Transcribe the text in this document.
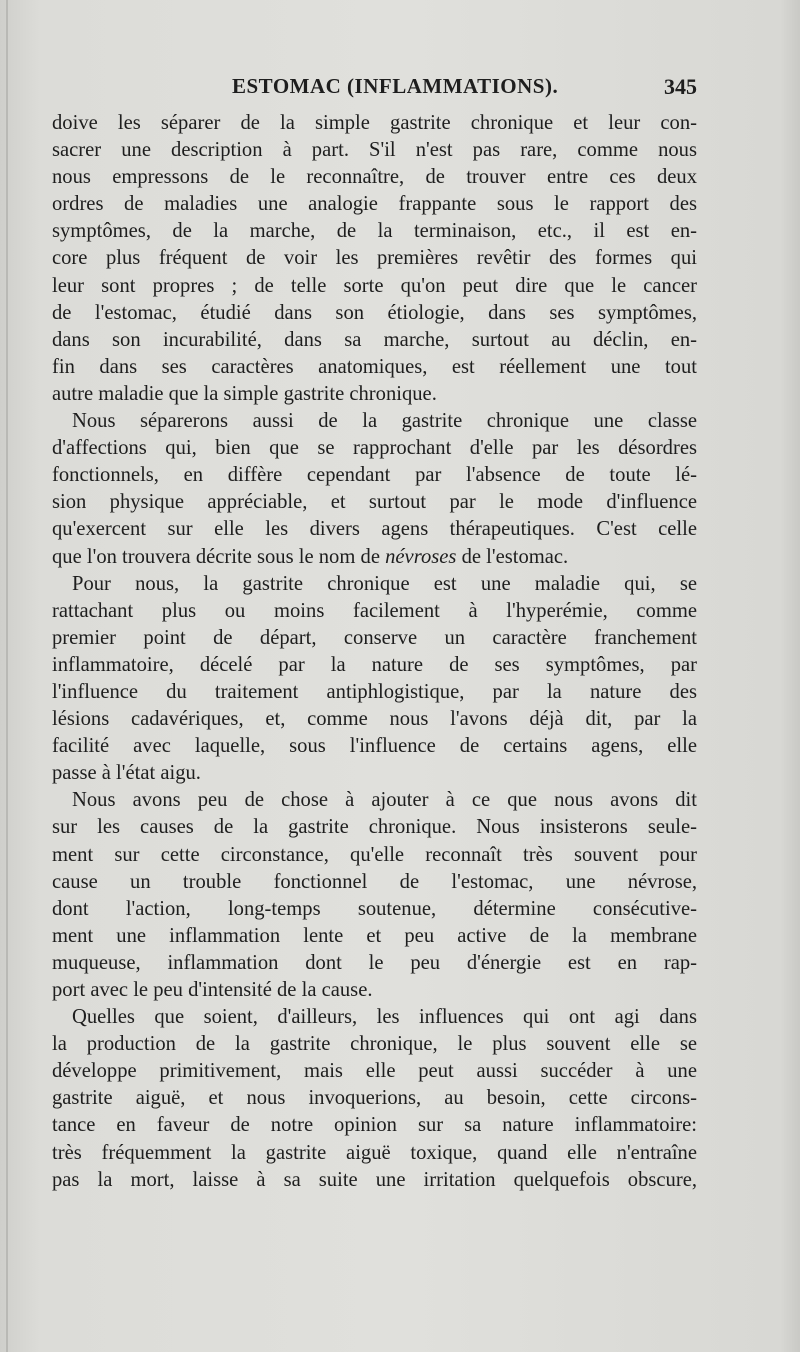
ESTOMAC (INFLAMMATIONS).	345

doive les séparer de la simple gastrite chronique et leur con-
sacrer une description à part. S'il n'est pas rare, comme nous
nous empressons de le reconnaître, de trouver entre ces deux
ordres de maladies une analogie frappante sous le rapport des
symptômes, de la marche, de la terminaison, etc., il est en-
core plus fréquent de voir les premières revêtir des formes qui
leur sont propres ; de telle sorte qu'on peut dire que le cancer
de l'estomac, étudié dans son étiologie, dans ses symptômes,
dans son incurabilité, dans sa marche, surtout au déclin, en-
fin dans ses caractères anatomiques, est réellement une tout
autre maladie que la simple gastrite chronique.

Nous séparerons aussi de la gastrite chronique une classe
d'affections qui, bien que se rapprochant d'elle par les désordres
fonctionnels, en diffère cependant par l'absence de toute lé-
sion physique appréciable, et surtout par le mode d'influence
qu'exercent sur elle les divers agens thérapeutiques. C'est celle
que l'on trouvera décrite sous le nom de névroses de l'estomac.

Pour nous, la gastrite chronique est une maladie qui, se
rattachant plus ou moins facilement à l'hyperémie, comme
premier point de départ, conserve un caractère franchement
inflammatoire, décelé par la nature de ses symptômes, par
l'influence du traitement antiphlogistique, par la nature des
lésions cadavériques, et, comme nous l'avons déjà dit, par la
facilité avec laquelle, sous l'influence de certains agens, elle
passe à l'état aigu.

Nous avons peu de chose à ajouter à ce que nous avons dit
sur les causes de la gastrite chronique. Nous insisterons seule-
ment sur cette circonstance, qu'elle reconnaît très souvent pour
cause un trouble fonctionnel de l'estomac, une névrose,
dont l'action, long-temps soutenue, détermine consécutive-
ment une inflammation lente et peu active de la membrane
muqueuse, inflammation dont le peu d'énergie est en rap-
port avec le peu d'intensité de la cause.

Quelles que soient, d'ailleurs, les influences qui ont agi dans
la production de la gastrite chronique, le plus souvent elle se
développe primitivement, mais elle peut aussi succéder à une
gastrite aiguë, et nous invoquerions, au besoin, cette circons-
tance en faveur de notre opinion sur sa nature inflammatoire:
très fréquemment la gastrite aiguë toxique, quand elle n'entraîne
pas la mort, laisse à sa suite une irritation quelquefois obscure,
